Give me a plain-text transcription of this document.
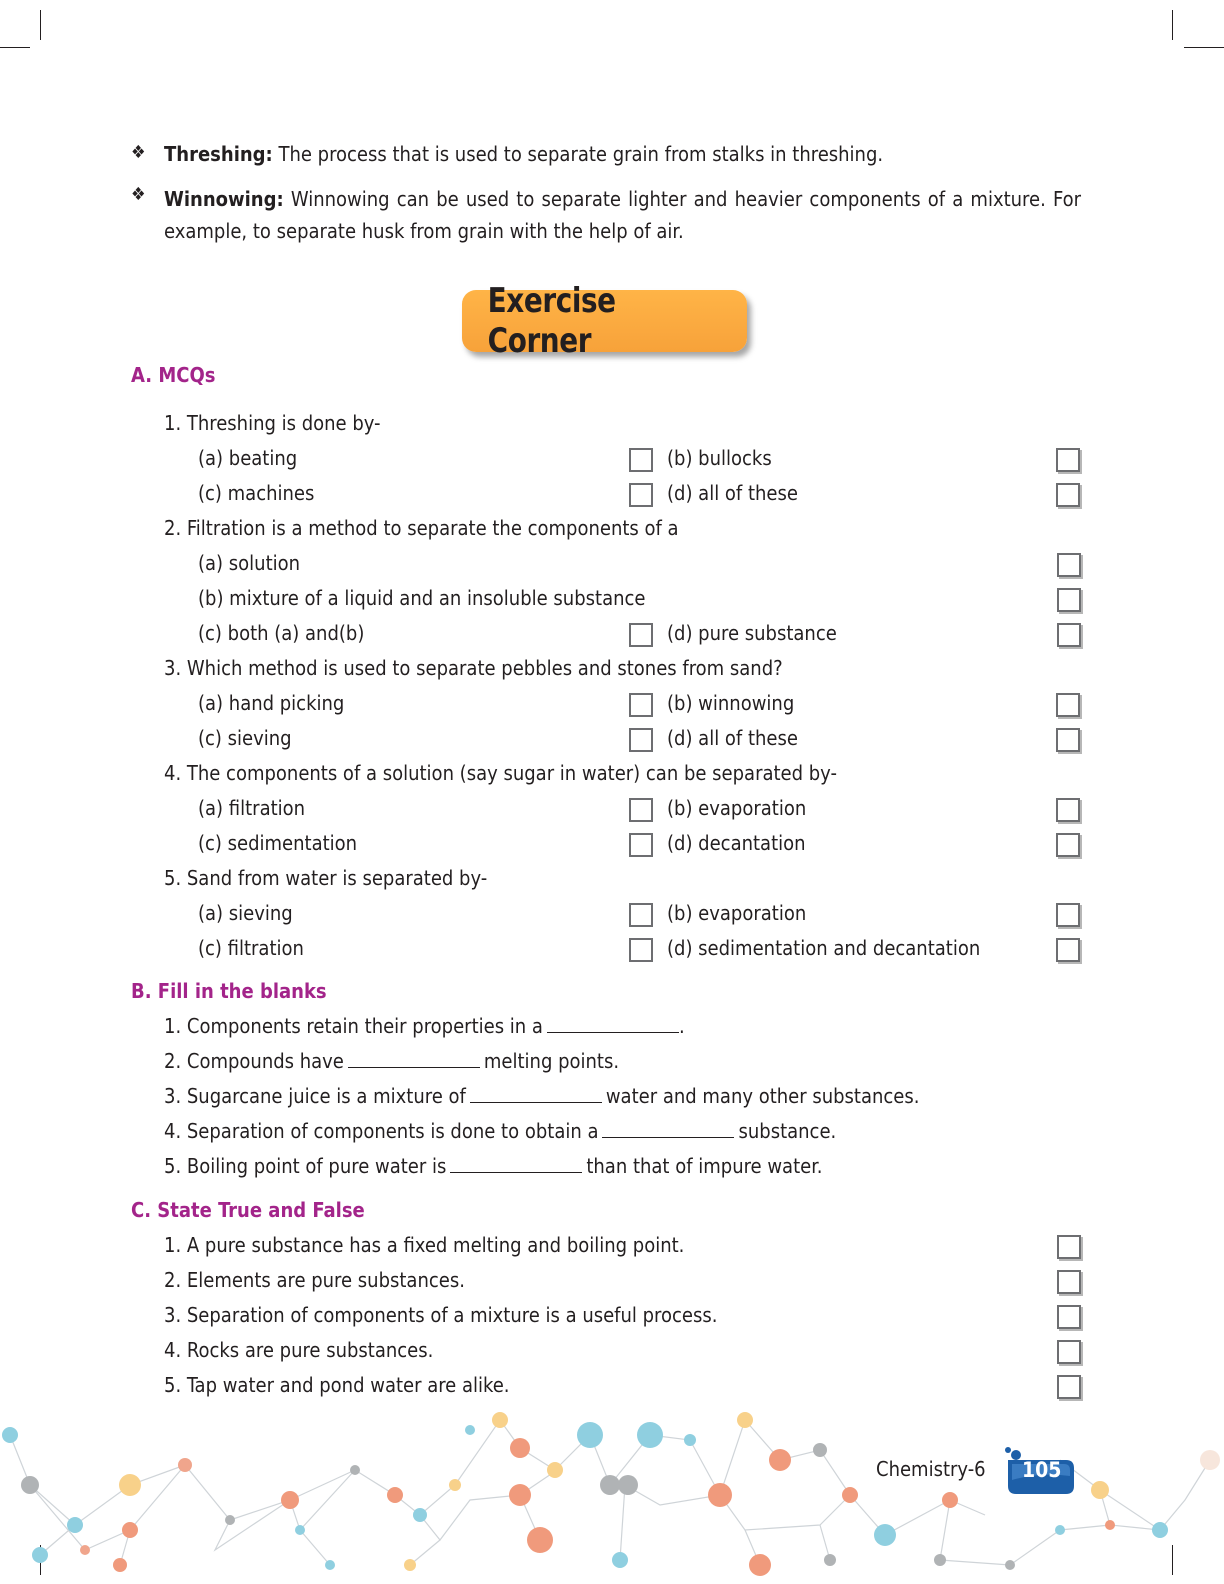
❖ Threshing: The process that is used to separate grain from stalks in threshing.
❖ Winnowing: Winnowing can be used to separate lighter and heavier components of a mixture. For example, to separate husk from grain with the help of air.
Exercise Corner
A. MCQs
1. Threshing is done by-
(a) beating	(b) bullocks
(c) machines	(d) all of these
2. Filtration is a method to separate the components of a
(a) solution
(b) mixture of a liquid and an insoluble substance
(c) both (a) and(b)	(d) pure substance
3. Which method is used to separate pebbles and stones from sand?
(a) hand picking	(b) winnowing
(c) sieving	(d) all of these
4. The components of a solution (say sugar in water) can be separated by-
(a) filtration	(b) evaporation
(c) sedimentation	(d) decantation
5. Sand from water is separated by-
(a) sieving	(b) evaporation
(c) filtration	(d) sedimentation and decantation
B. Fill in the blanks
1. Components retain their properties in a	.
2. Compounds have	melting points.
3. Sugarcane juice is a mixture of	water and many other substances.
4. Separation of components is done to obtain a	substance.
5. Boiling point of pure water is	than that of impure water.
C. State True and False
1. A pure substance has a fixed melting and boiling point.
2. Elements are pure substances.
3. Separation of components of a mixture is a useful process.
4. Rocks are pure substances.
5. Tap water and pond water are alike.
Chemistry-6 105
